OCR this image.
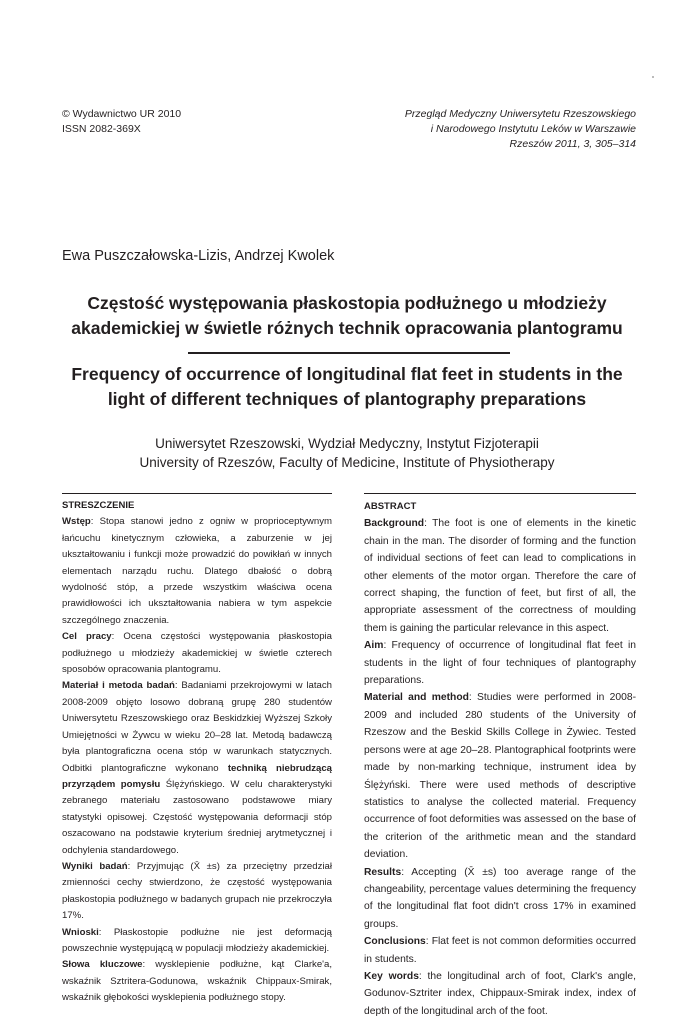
© Wydawnictwo UR 2010
ISSN 2082-369X
Przegląd Medyczny Uniwersytetu Rzeszowskiego
i Narodowego Instytutu Leków w Warszawie
Rzeszów 2011, 3, 305–314
Ewa Puszczałowska-Lizis, Andrzej Kwolek
Częstość występowania płaskostopia podłużnego u młodzieży
akademickiej w świetle różnych technik opracowania plantogramu
Frequency of occurrence of longitudinal flat feet in students in the
light of different techniques of plantography preparations
Uniwersytet Rzeszowski, Wydział Medyczny, Instytut Fizjoterapii
University of Rzeszów, Faculty of Medicine, Institute of Physiotherapy
STRESZCZENIE

Wstęp: Stopa stanowi jedno z ogniw w proprioceptywnym łańcuchu kinetycznym człowieka, a zaburzenie w jej ukształtowaniu i funkcji może prowadzić do powikłań w innych elementach narządu ruchu. Dlatego dbałość o dobrą wydolność stóp, a przede wszystkim właściwa ocena prawidłowości ich ukształtowania nabiera w tym aspekcie szczególnego znaczenia.

Cel pracy: Ocena częstości występowania płaskostopia podłużnego u młodzieży akademickiej w świetle czterech sposobów opracowania plantogramu.

Materiał i metoda badań: Badaniami przekrojowymi w latach 2008-2009 objęto losowo dobraną grupę 280 studentów Uniwersytetu Rzeszowskiego oraz Beskidzkiej Wyższej Szkoły Umiejętności w Żywcu w wieku 20–28 lat. Metodą badawczą była plantograficzna ocena stóp w warunkach statycznych. Odbitki plantograficzne wykonano techniką niebrudzącą przyrządem pomysłu Ślężyńskiego. W celu charakterystyki zebranego materiału zastosowano podstawowe miary statystyki opisowej. Częstość występowania deformacji stóp oszacowano na podstawie kryterium średniej arytmetycznej i odchylenia standardowego.

Wyniki badań: Przyjmując (X̄ ±s) za przeciętny przedział zmienności cechy stwierdzono, że częstość występowania płaskostopia podłużnego w badanych grupach nie przekroczyła 17%.

Wnioski: Płaskostopie podłużne nie jest deformacją powszechnie występującą w populacji młodzieży akademickiej.

Słowa kluczowe: wysklepienie podłużne, kąt Clarke'a, wskaźnik Sztritera-Godunowa, wskaźnik Chippaux-Smirak, wskaźnik głębokości wysklepienia podłużnego stopy.

ABSTRACT

Background: The foot is one of elements in the kinetic chain in the man. The disorder of forming and the function of individual sections of feet can lead to complications in other elements of the motor organ. Therefore the care of correct shaping, the function of feet, but first of all, the appropriate assessment of the correctness of moulding them is gaining the particular relevance in this aspect.

Aim: Frequency of occurrence of longitudinal flat feet in students in the light of four techniques of plantography preparations.

Material and method: Studies were performed in 2008-2009 and included 280 students of the University of Rzeszow and the Beskid Skills College in Żywiec. Tested persons were at age 20–28. Plantographical footprints were made by non-marking technique, instrument idea by Ślężyński. There were used methods of descriptive statistics to analyse the collected material. Frequency occurrence of foot deformities was assessed on the base of the criterion of the arithmetic mean and the standard deviation.

Results: Accepting (X̄ ±s) too average range of the changeability, percentage values determining the frequency of the longitudinal flat foot didn't cross 17% in examined groups.

Conclusions: Flat feet is not common deformities occurred in students.

Key words: the longitudinal arch of foot, Clark's angle, Godunov-Sztriter index, Chippaux-Smirak index, index of depth of the longitudinal arch of the foot.
